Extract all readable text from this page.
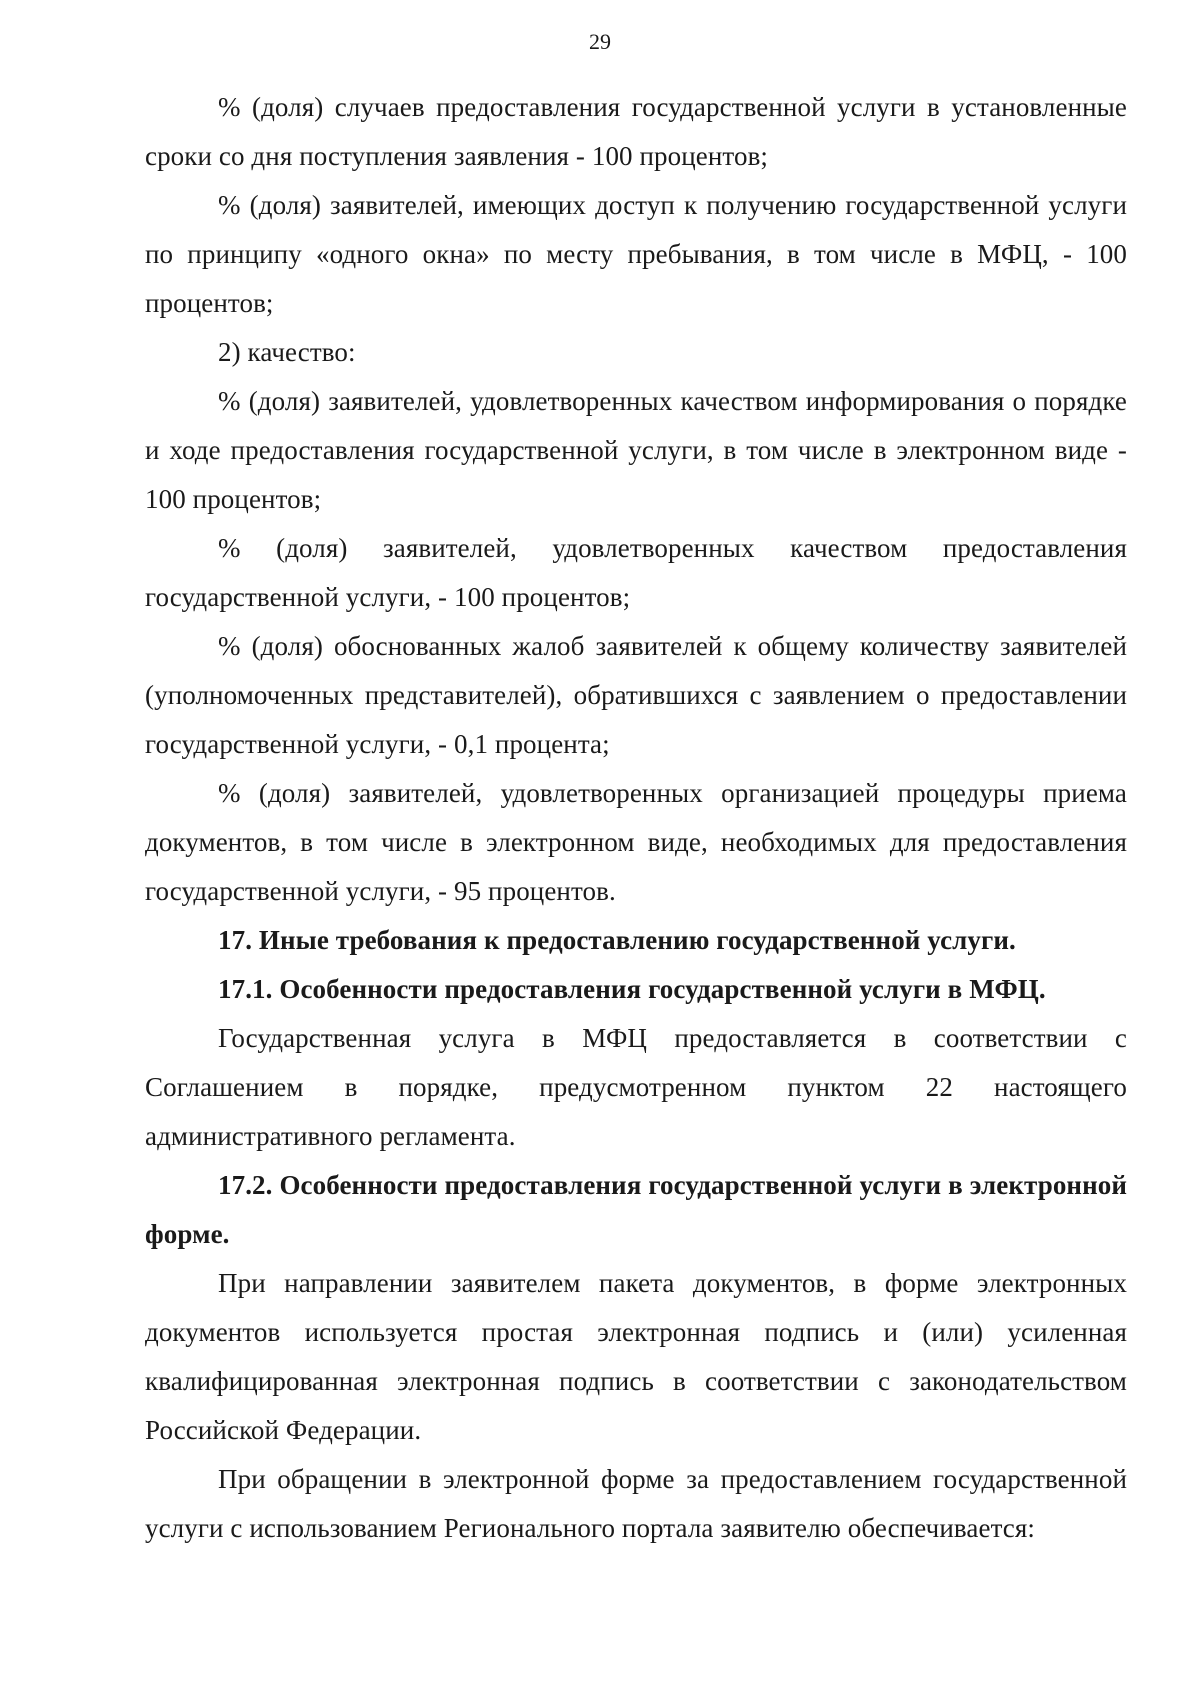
29

% (доля) случаев предоставления государственной услуги в установленные сроки со дня поступления заявления - 100 процентов;

% (доля) заявителей, имеющих доступ к получению государственной услуги по принципу «одного окна» по месту пребывания, в том числе в МФЦ, - 100 процентов;

2) качество:

% (доля) заявителей, удовлетворенных качеством информирования о порядке и ходе предоставления государственной услуги, в том числе в электронном виде - 100 процентов;

% (доля) заявителей, удовлетворенных качеством предоставления государственной услуги, - 100 процентов;

% (доля) обоснованных жалоб заявителей к общему количеству заявителей (уполномоченных представителей), обратившихся с заявлением о предоставлении государственной услуги, - 0,1 процента;

% (доля) заявителей, удовлетворенных организацией процедуры приема документов, в том числе в электронном виде, необходимых для предоставления государственной услуги, - 95 процентов.

17. Иные требования к предоставлению государственной услуги.

17.1. Особенности предоставления государственной услуги в МФЦ.

Государственная услуга в МФЦ предоставляется в соответствии с Соглашением в порядке, предусмотренном пунктом 22 настоящего административного регламента.

17.2. Особенности предоставления государственной услуги в электронной форме.

При направлении заявителем пакета документов, в форме электронных документов используется простая электронная подпись и (или) усиленная квалифицированная электронная подпись в соответствии с законодательством Российской Федерации.

При обращении в электронной форме за предоставлением государственной услуги с использованием Регионального портала заявителю обеспечивается:
